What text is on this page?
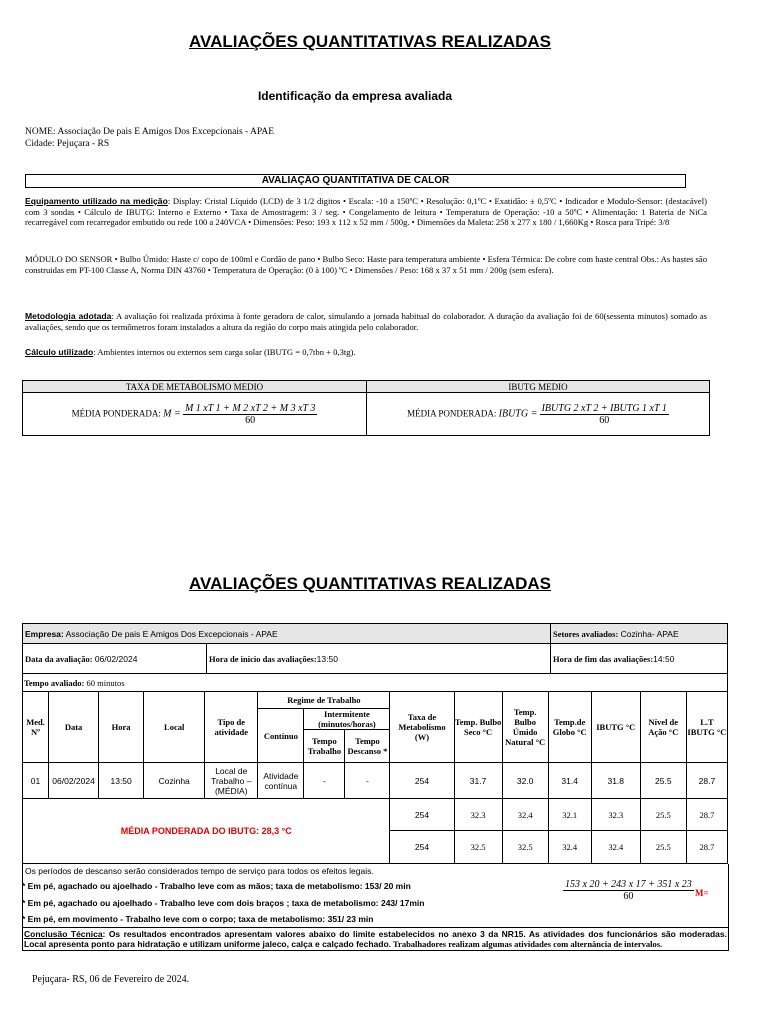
AVALIAÇÕES QUANTITATIVAS REALIZADAS
Identificação da empresa avaliada
NOME: Associação De pais E Amigos Dos Excepcionais - APAE
Cidade: Pejuçara - RS
AVALIAÇÃO QUANTITATIVA DE CALOR
Equipamento utilizado na medição: Display: Cristal Líquido (LCD) de 3 1/2 digitos • Escala: -10 a 150ºC • Resolução: 0,1ºC • Exatidão: ± 0,5ºC • Indicador e Modulo-Sensor: (destacável) com 3 sondas • Cálculo de IBUTG: Interno e Externo • Taxa de Amostragem: 3 / seg. • Congelamento de leitura • Temperatura de Operação: -10 a 50ºC • Alimentação: 1 Bateria de NiCa recarregável com recarregador embutido ou rede 100 a 240VCA • Dimensões: Peso: 193 x 112 x 52 mm / 500g. • Dimensões da Maleta: 258 x 277 x 180 / 1,660Kg • Rosca para Tripé: 3/8
MÓDULO DO SENSOR • Bulbo Úmido: Haste c/ copo de 100ml e Cordão de pano • Bulbo Seco: Haste para temperatura ambiente • Esfera Térmica: De cobre com haste central Obs.: As hastes são construidas em PT-100 Classe A, Norma DIN 43760 • Temperatura de Operação: (0 à 100) ºC • Dimensões / Peso: 168 x 37 x 51 mm / 200g (sem esfera).
Metodologia adotada: A avaliação foi realizada próxima à fonte geradora de calor, simulando a jornada habitual do colaborador. A duração da avaliação foi de 60(sessenta minutos) somado as avaliações, sendo que os termômetros foram instalados a altura da região do corpo mais atingida pelo colaborador.
Cálculo utilizado: Ambientes internos ou externos sem carga solar (IBUTG = 0,7tbn + 0,3tg).
TAXA DE METABOLISMO MEDIO	IBUTG MEDIO
MÉDIA PONDERADA: $M = \frac{M 1 xT 1 + M 2 xT 2 + M 3 xT 3}{60}$	MÉDIA PONDERADA: IBUTG = $\frac{\text{IBUTG 2 xT 2 + IBUTG 1 xT 1}}{60}$
AVALIAÇÕES QUANTITATIVAS REALIZADAS
Empresa: Associação De pais E Amigos Dos Excepcionais - APAE		Setores avaliados: Cozinha- APAE
Data da avaliação: 06/02/2024	Hora de inicio das avaliações:13:50	Hora de fim das avaliações:14:50
Tempo avaliado: 60 minutos		
Med. Nº	Data	Hora	Local	Tipo de atividade	Regime de Trabalho			Taxa de Metabolismo (W)	Temp. Bulbo Seco °C	Temp. Bulbo Úmido Natural °C	Temp.de Globo °C	IBUTG °C	Nível de Ação °C	L.T IBUTG °C
					Contínuo	Intermitente (minutos/horas)								
						Tempo Trabalho	Tempo Descanso *							
01	06/02/2024	13:50	Cozinha	Local de Trabalho – (MÉDIA)	Atividade contínua	-	-	254	31.7	32.0	31.4	31.8	25.5	28.7
MÉDIA PONDERADA DO IBUTG: 28,3 °C								254	32.3	32.4	32.1	32.3	25.5	28.7
								254	32.5	32.5	32.4	32.4	25.5	28.7
Os períodos de descanso serão considerados tempo de serviço para todos os efeitos legais.
* Em pé, agachado ou ajoelhado - Trabalho leve com as mãos; taxa de metabolismo: 153/ 20 min
* Em pé, agachado ou ajoelhado - Trabalho leve com dois braços ; taxa de metabolismo: 243/ 17min
* Em pé, em movimento - Trabalho leve com o corpo; taxa de metabolismo: 351/ 23 min
$\frac{153 x 20 + 243 x 17 + 351 x 23}{60} M=$
Conclusão Técnica: Os resultados encontrados apresentam valores abaixo do limite estabelecidos no anexo 3 da NR15. As atividades dos funcionários são moderadas. Local apresenta ponto para hidratação e utilizam uniforme jaleco, calça e calçado fechado. Trabalhadores realizam algumas atividades com alternância de intervalos.
Pejuçara- RS, 06 de Fevereiro de 2024.
